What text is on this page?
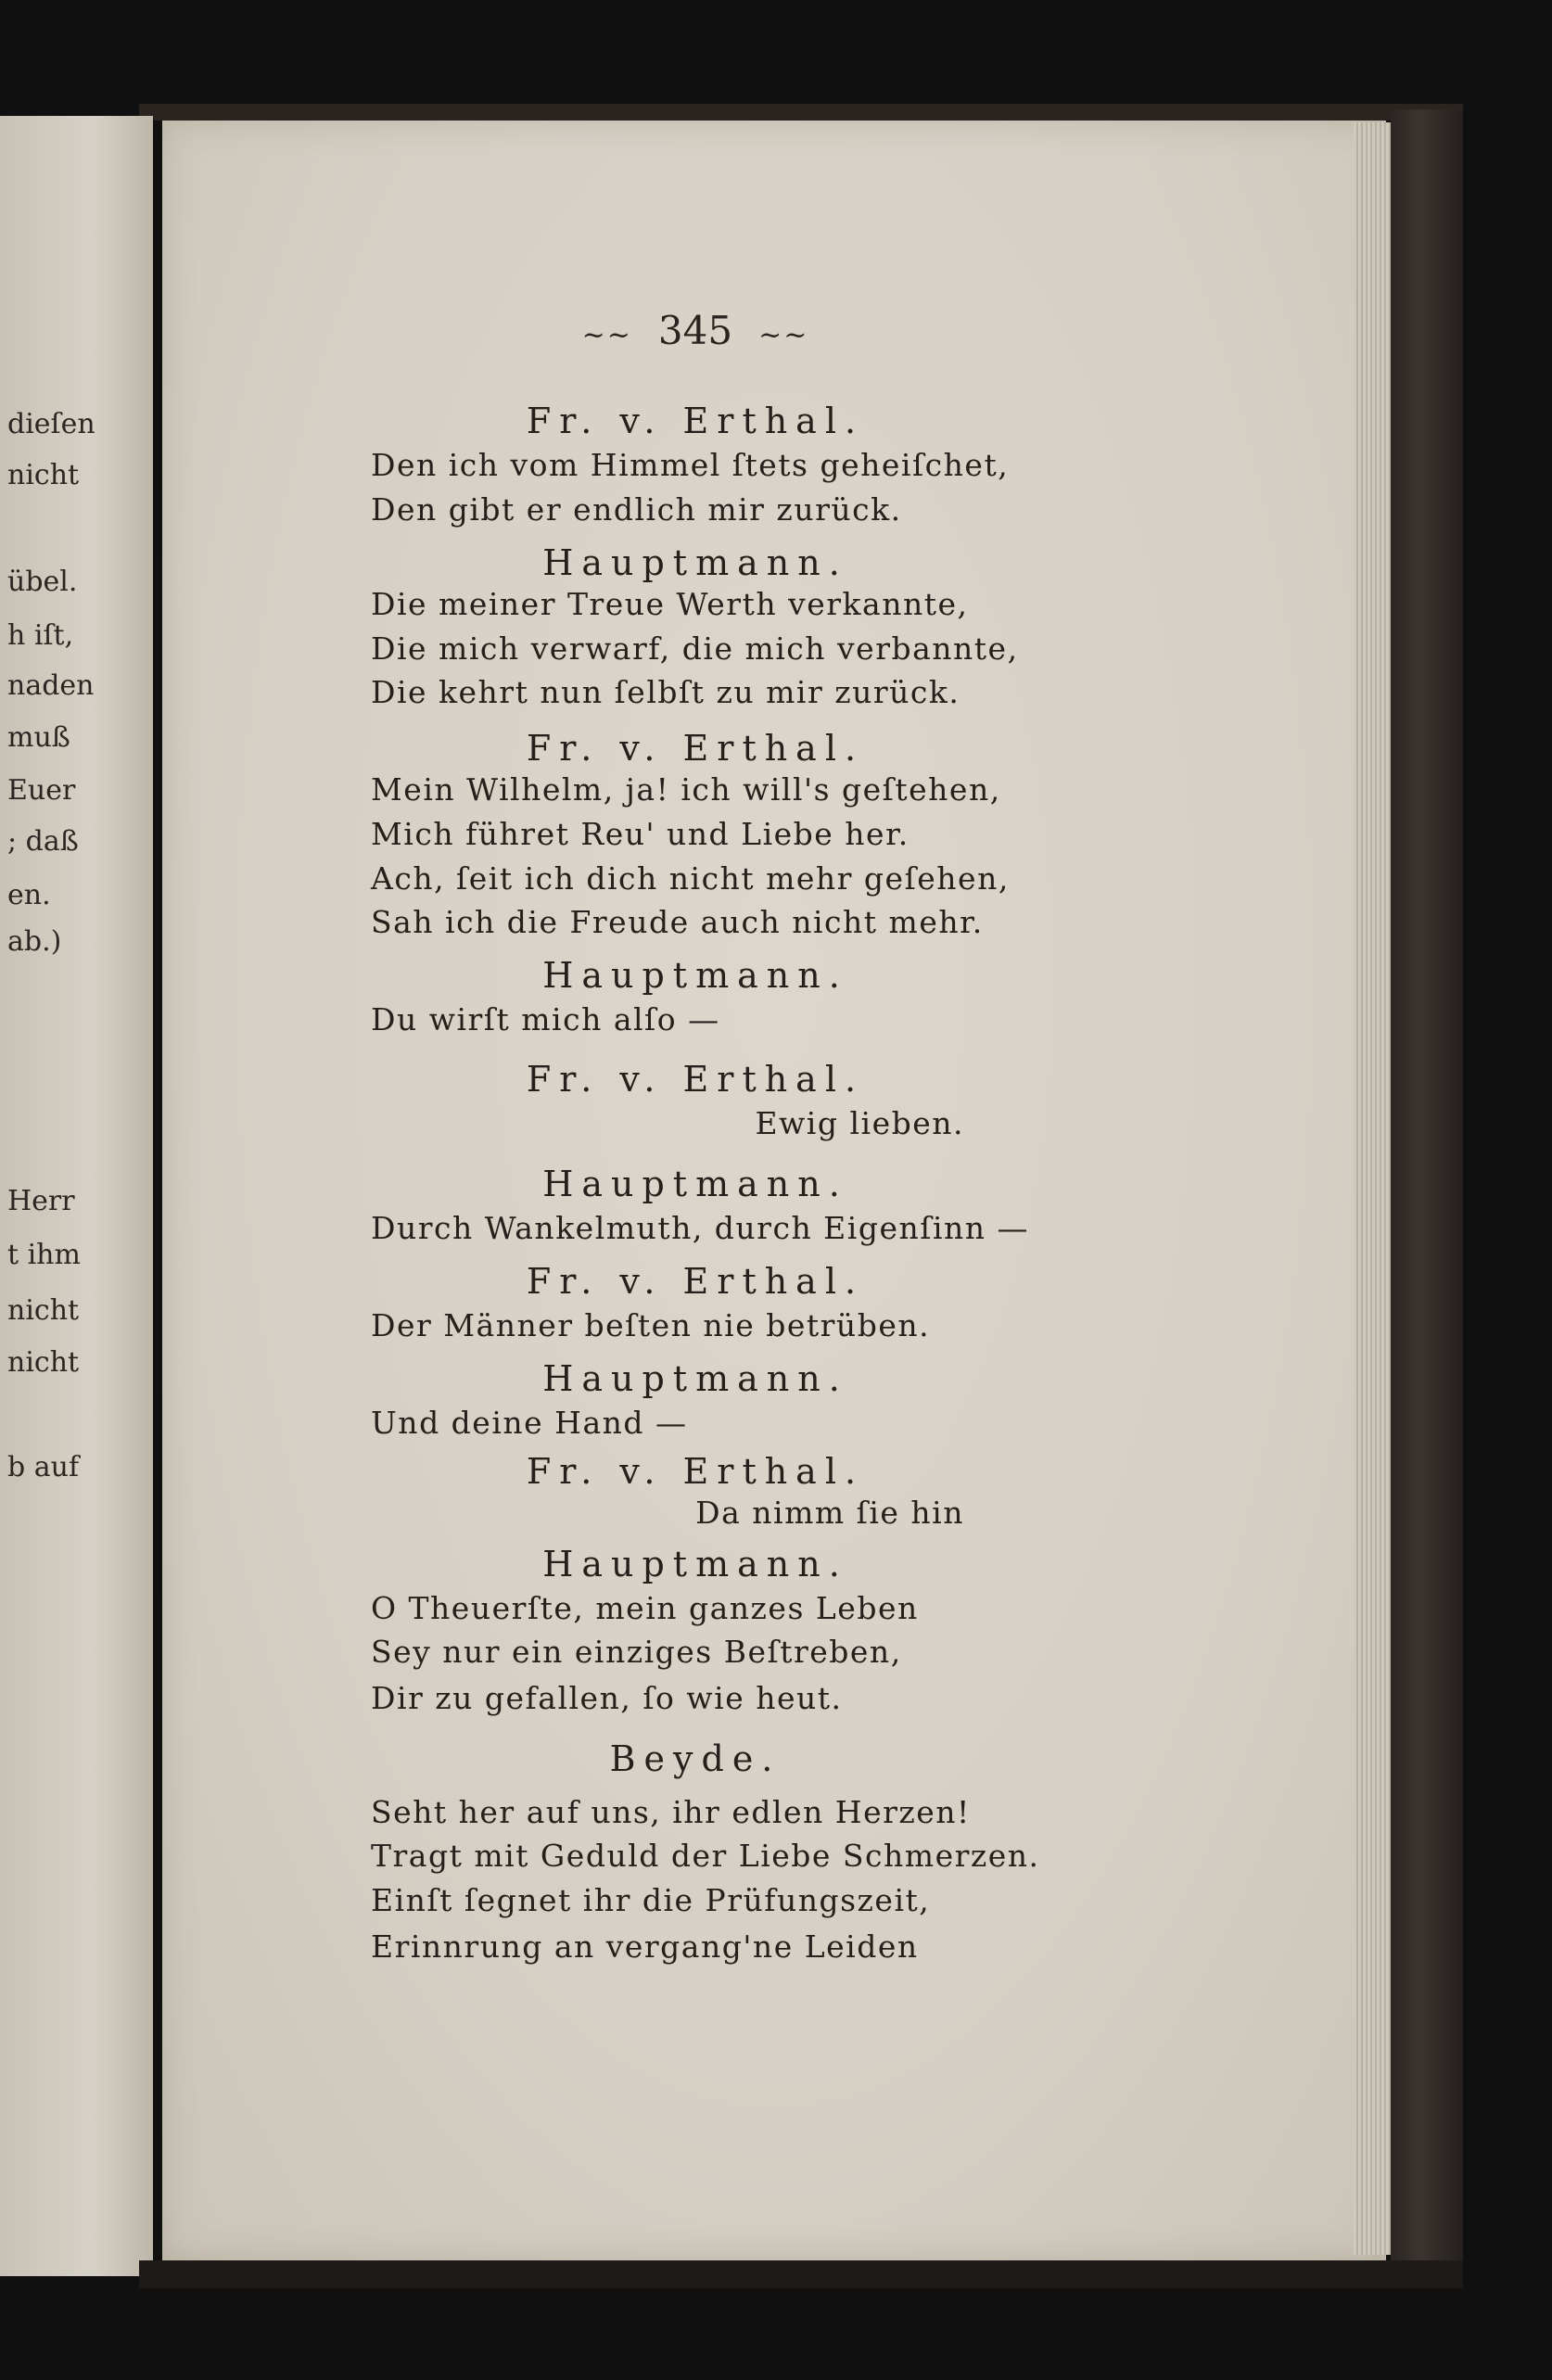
dieſen
nicht
übel.
h iſt,
naden
muß
Euer
; daß
en.
ab.)
Herr
t ihm
nicht
nicht
b auf
~~ 345 ~~
Fr. v. Erthal.
Den ich vom Himmel ſtets geheiſchet,
Den gibt er endlich mir zurück.
Hauptmann.
Die meiner Treue Werth verkannte,
Die mich verwarf, die mich verbannte,
Die kehrt nun ſelbſt zu mir zurück.
Fr. v. Erthal.
Mein Wilhelm, ja! ich will's geſtehen,
Mich führet Reu' und Liebe her.
Ach, ſeit ich dich nicht mehr geſehen,
Sah ich die Freude auch nicht mehr.
Hauptmann.
Du wirſt mich alſo —
Fr. v. Erthal.
Ewig lieben.
Hauptmann.
Durch Wankelmuth, durch Eigenſinn —
Fr. v. Erthal.
Der Männer beſten nie betrüben.
Hauptmann.
Und deine Hand —
Fr. v. Erthal.
Da nimm ſie hin
Hauptmann.
O Theuerſte, mein ganzes Leben
Sey nur ein einziges Beſtreben,
Dir zu gefallen, ſo wie heut.
Beyde.
Seht her auf uns, ihr edlen Herzen!
Tragt mit Geduld der Liebe Schmerzen.
Einſt ſegnet ihr die Prüfungszeit,
Erinnrung an vergang'ne Leiden
